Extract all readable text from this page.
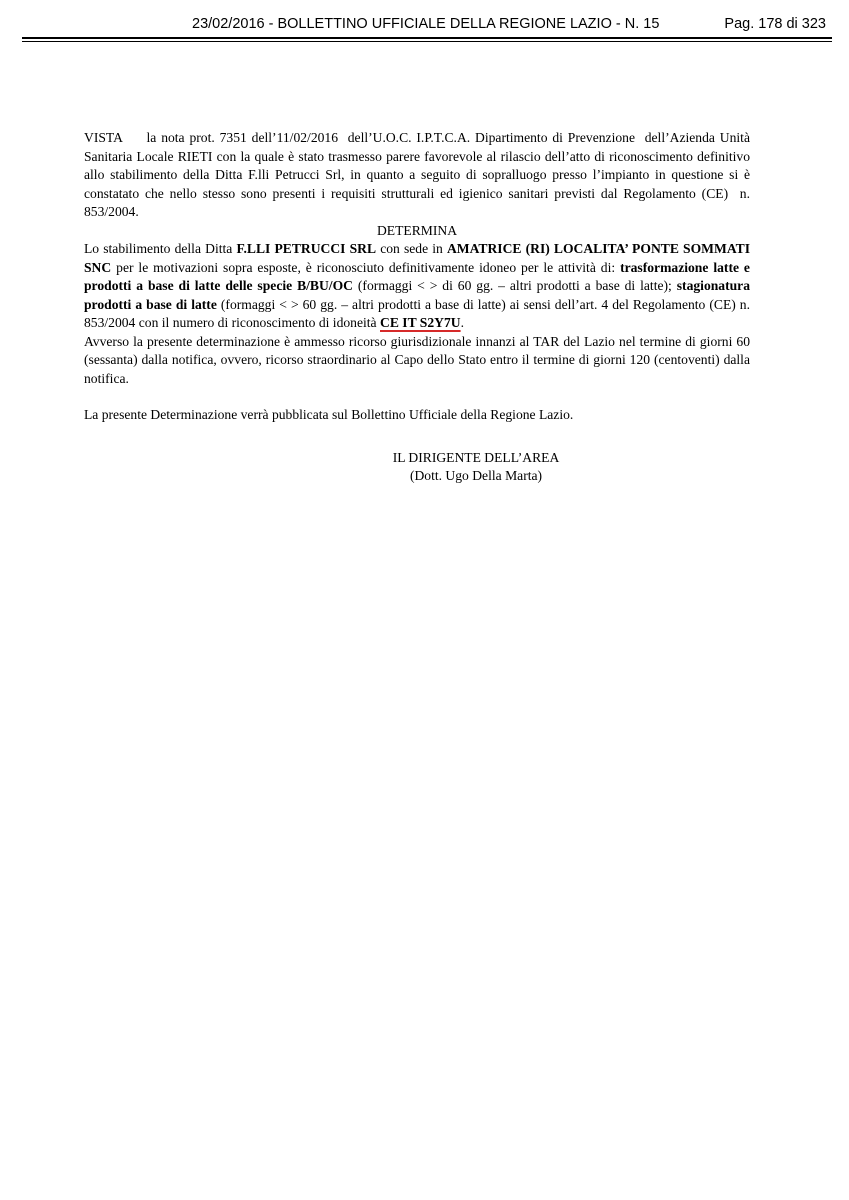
23/02/2016 - BOLLETTINO UFFICIALE DELLA REGIONE LAZIO - N. 15	Pag. 178 di 323

VISTA     la nota prot. 7351 dell’11/02/2016  dell’U.O.C. I.P.T.C.A. Dipartimento di Prevenzione  dell’Azienda Unità Sanitaria Locale RIETI con la quale è stato trasmesso parere favorevole al rilascio dell’atto di riconoscimento definitivo allo stabilimento della Ditta F.lli Petrucci Srl, in quanto a seguito di sopralluogo presso l’impianto in questione si è constatato che nello stesso sono presenti i requisiti strutturali ed igienico sanitari previsti dal Regolamento (CE)  n. 853/2004.

DETERMINA

Lo stabilimento della Ditta F.LLI PETRUCCI SRL con sede in AMATRICE (RI) LOCALITA’ PONTE SOMMATI SNC per le motivazioni sopra esposte, è riconosciuto definitivamente idoneo per le attività di: trasformazione latte e prodotti a base di latte delle specie B/BU/OC (formaggi < > di 60 gg. – altri prodotti a base di latte); stagionatura prodotti a base di latte (formaggi < > 60 gg. – altri prodotti a base di latte) ai sensi dell’art. 4 del Regolamento (CE) n. 853/2004 con il numero di riconoscimento di idoneità CE IT S2Y7U.

Avverso la presente determinazione è ammesso ricorso giurisdizionale innanzi al TAR del Lazio nel termine di giorni 60 (sessanta) dalla notifica, ovvero, ricorso straordinario al Capo dello Stato entro il termine di giorni 120 (centoventi) dalla notifica.

La presente Determinazione verrà pubblicata sul Bollettino Ufficiale della Regione Lazio.

IL DIRIGENTE DELL’AREA
(Dott. Ugo Della Marta)
